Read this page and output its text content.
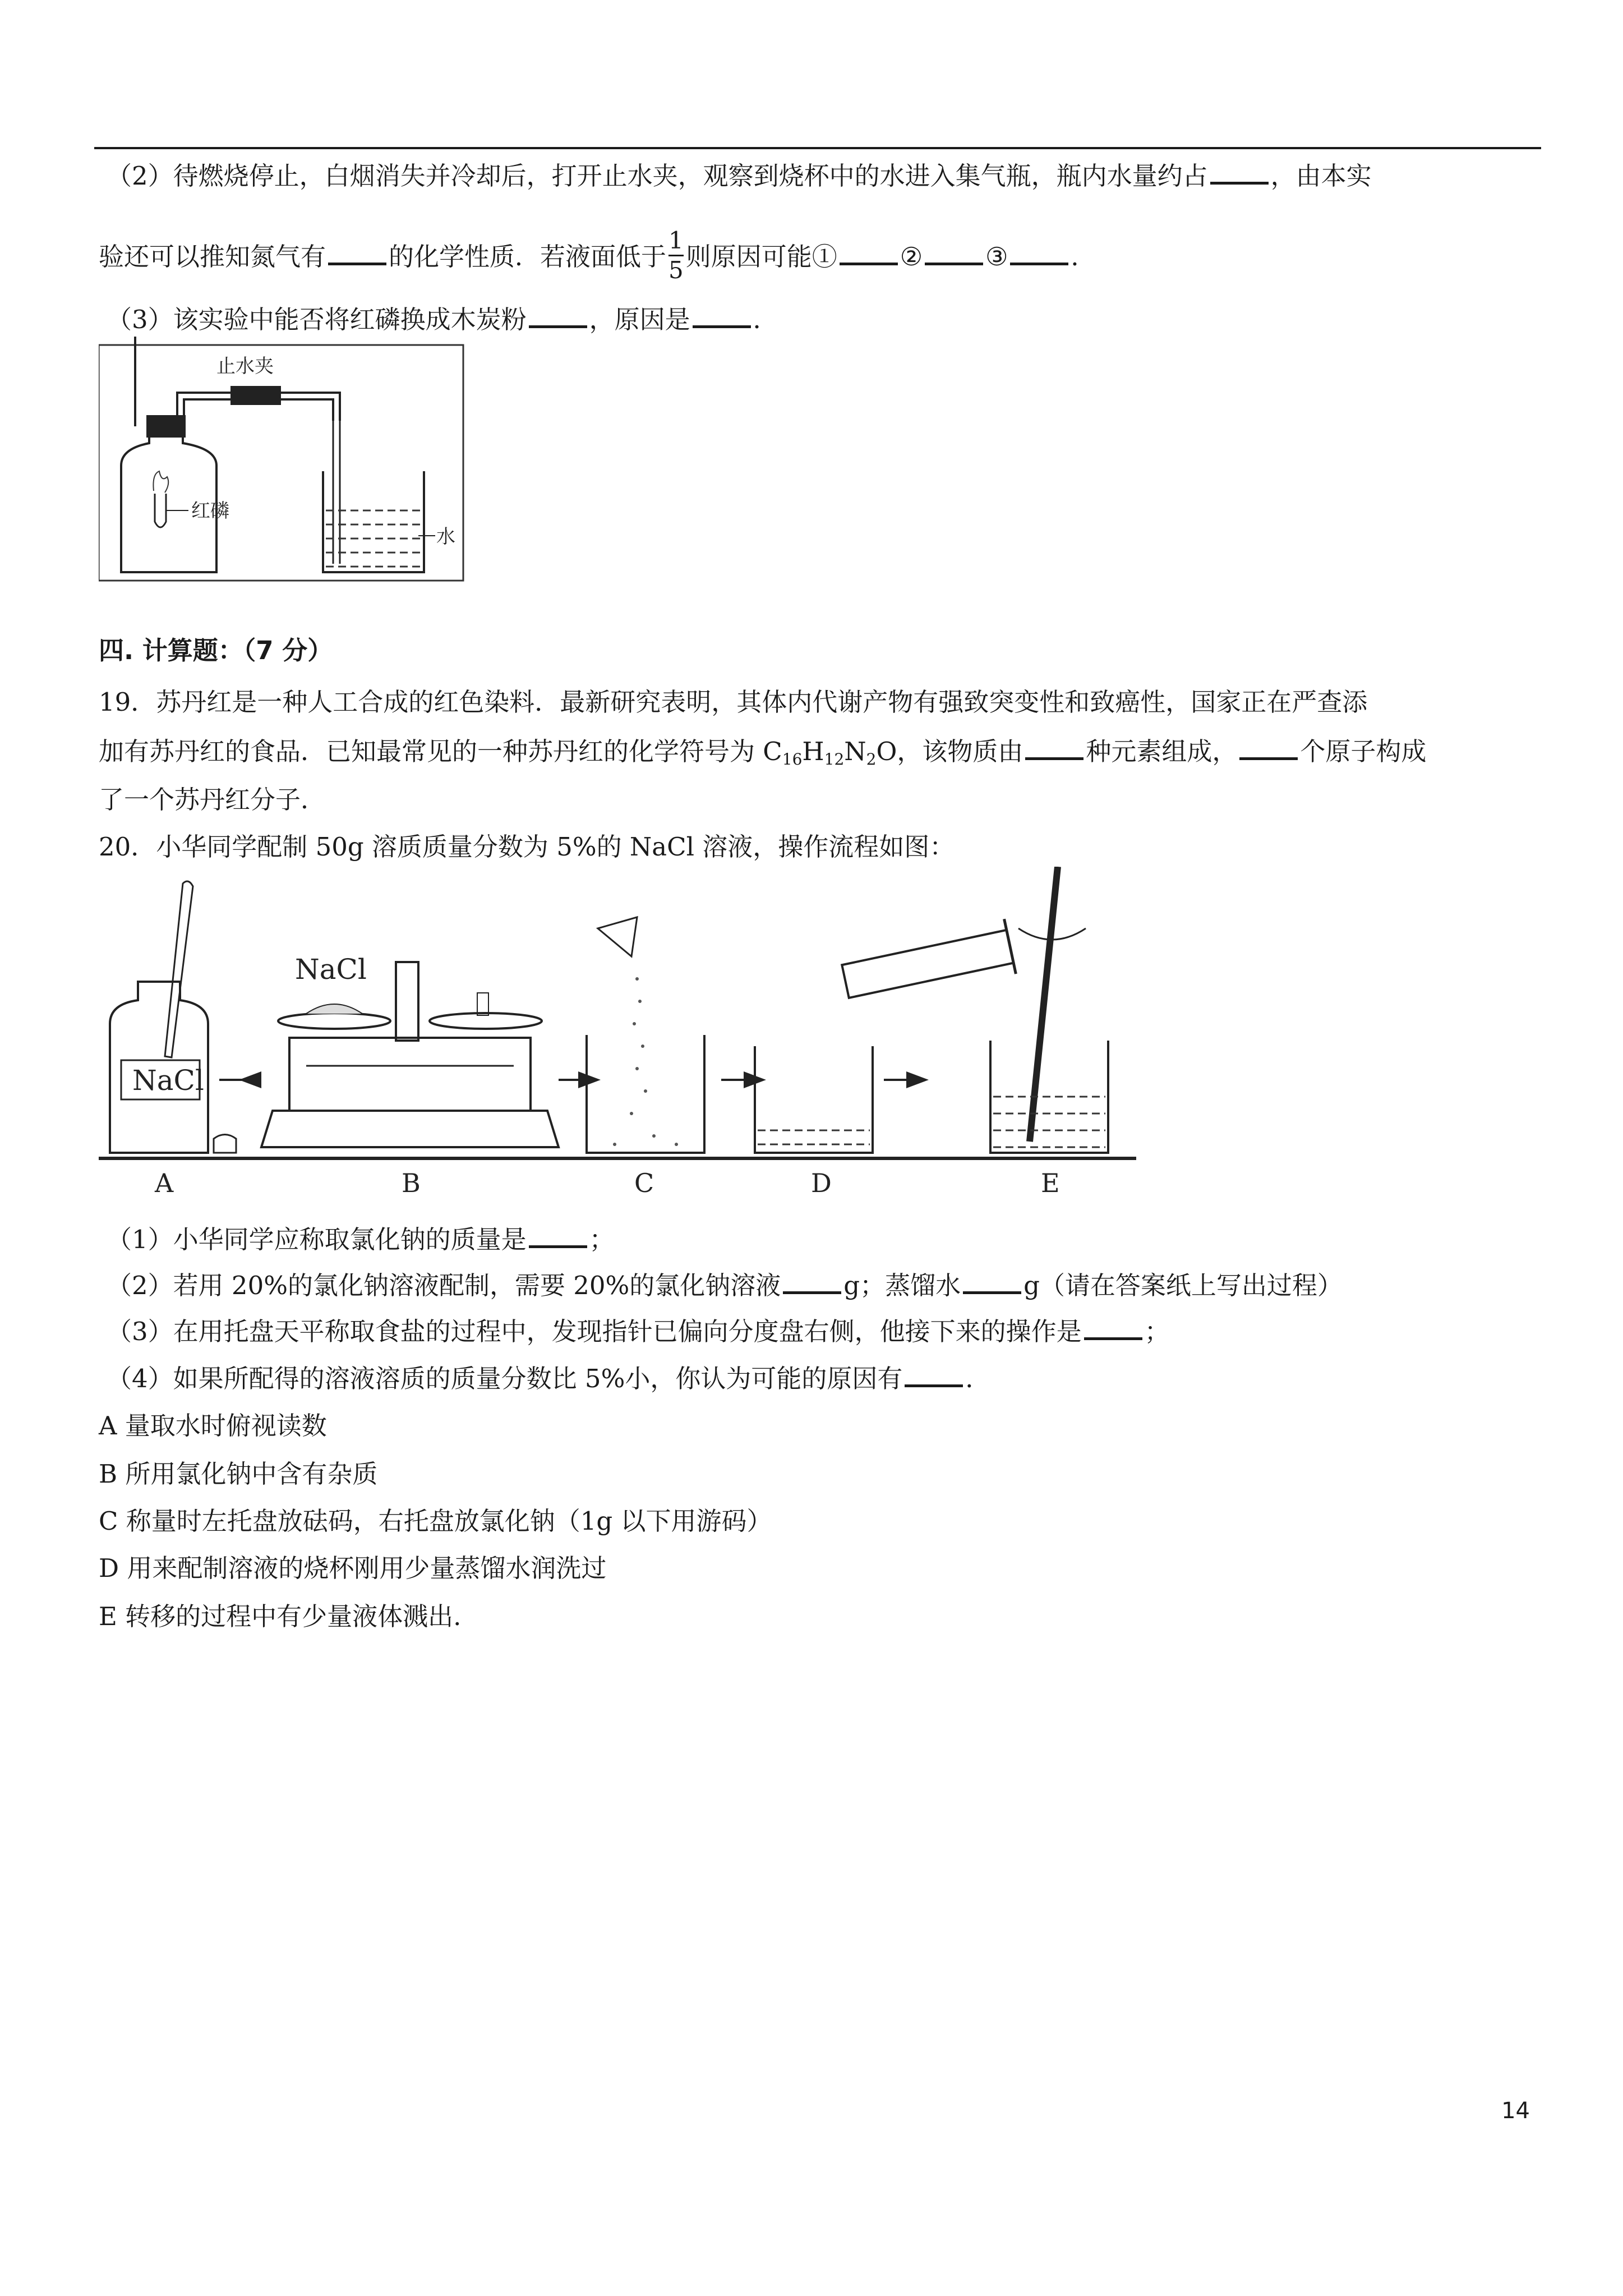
（2）待燃烧停止，白烟消失并冷却后，打开止水夹，观察到烧杯中的水进入集气瓶，瓶内水量约占 ，由本实
验还可以推知氮气有 的化学性质．若液面低于 $\frac{1}{5}$ 则原因可能① ② ③ ．
（3）该实验中能否将红磷换成木炭粉 ，原因是 ．
红磷
止水夹
水
四. 计算题：（7 分）
19．苏丹红是一种人工合成的红色染料．最新研究表明，其体内代谢产物有强致突变性和致癌性，国家正在严查添
加有苏丹红的食品．已知最常见的一种苏丹红的化学符号为 $C_{16}H_{12}N_2O$，该物质由 种元素组成， 个原子构成
了一个苏丹红分子．
20．小华同学配制 50g 溶质质量分数为 5%的 NaCl 溶液，操作流程如图：
NaCl
NaCl
A	B	C	D	E
（1）小华同学应称取氯化钠的质量是 ；
（2）若用 20%的氯化钠溶液配制，需要 20%的氯化钠溶液 g；蒸馏水 g（请在答案纸上写出过程）
（3）在用托盘天平称取食盐的过程中，发现指针已偏向分度盘右侧，他接下来的操作是 ；
（4）如果所配得的溶液溶质的质量分数比 5%小，你认为可能的原因有 ．
A 量取水时俯视读数
B 所用氯化钠中含有杂质
C 称量时左托盘放砝码，右托盘放氯化钠（1g 以下用游码）
D 用来配制溶液的烧杯刚用少量蒸馏水润洗过
E 转移的过程中有少量液体溅出.
14
